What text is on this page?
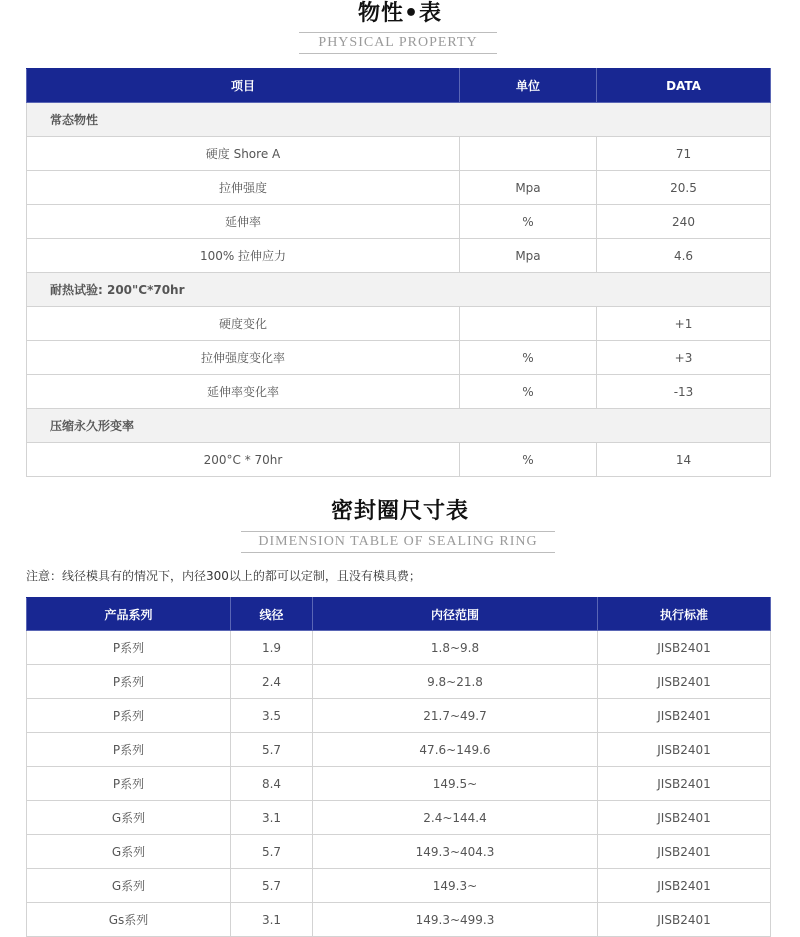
物性•表
PHYSICAL PROPERTY
项目	单位	DATA
常态物性		
硬度 Shore A		71
拉伸强度	Mpa	20.5
延伸率	%	240
100% 拉伸应力	Mpa	4.6
耐热试验: 200"C*70hr		
硬度变化		+1
拉伸强度变化率	%	+3
延伸率变化率	%	-13
压缩永久形变率		
200°C * 70hr	%	14
密封圈尺寸表
DIMENSION TABLE OF SEALING RING
注意：线径模具有的情况下，内径300以上的都可以定制，且没有模具费；
产品系列	线径	内径范围	执行标准
P系列	1.9	1.8~9.8	JISB2401
P系列	2.4	9.8~21.8	JISB2401
P系列	3.5	21.7~49.7	JISB2401
P系列	5.7	47.6~149.6	JISB2401
P系列	8.4	149.5~	JISB2401
G系列	3.1	2.4~144.4	JISB2401
G系列	5.7	149.3~404.3	JISB2401
G系列	5.7	149.3~	JISB2401
Gs系列	3.1	149.3~499.3	JISB2401
